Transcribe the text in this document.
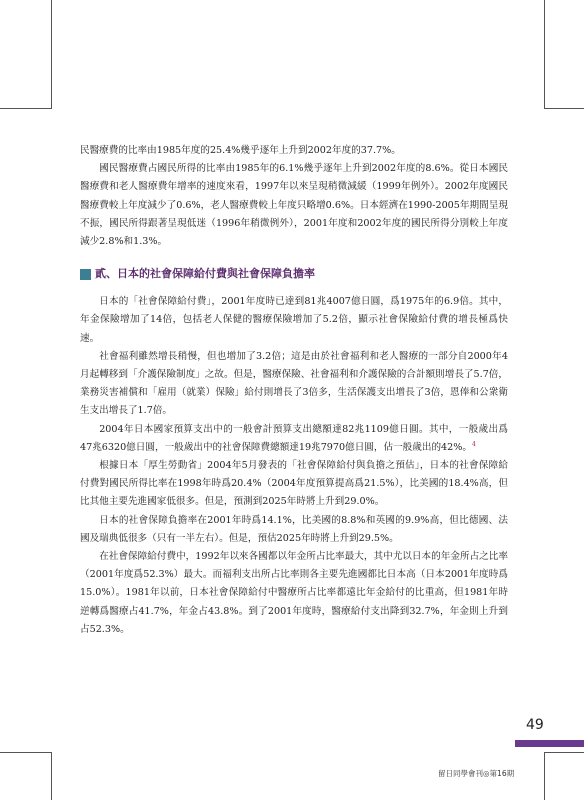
民醫療費的比率由1985年度的25.4%幾乎逐年上升到2002年度的37.7%。

國民醫療費占國民所得的比率由1985年的6.1%幾乎逐年上升到2002年度的8.6%。從日本國民醫療費和老人醫療費年增率的速度來看，1997年以來呈現稍微減緩（1999年例外）。2002年度國民醫療費較上年度減少了0.6%，老人醫療費較上年度只略增0.6%。日本經濟在1990-2005年期間呈現不振，國民所得跟著呈現低迷（1996年稍微例外），2001年度和2002年度的國民所得分別較上年度減少2.8%和1.3%。

貳、日本的社會保障給付費與社會保障負擔率

日本的「社會保障給付費」，2001年度時已達到81兆4007億日圓，爲1975年的6.9倍。其中，年金保險增加了14倍，包括老人保健的醫療保險增加了5.2倍，顯示社會保險給付費的增長極爲快速。

社會福利雖然增長稍慢，但也增加了3.2倍；這是由於社會福利和老人醫療的一部分自2000年4月起轉移到「介護保險制度」之故。但是，醫療保險、社會福利和介護保險的合計額則增長了5.7倍，業務災害補償和「雇用（就業）保險」給付則增長了3倍多，生活保護支出增長了3倍，恩俸和公衆衛生支出增長了1.7倍。

2004年日本國家預算支出中的一般會計預算支出總額達82兆1109億日圓。其中，一般歲出爲47兆6320億日圓，一般歲出中的社會保障費總額達19兆7970億日圓，佔一般歲出的42%。$^4$

根據日本「厚生勞動省」2004年5月發表的「社會保障給付與負擔之預估」，日本的社會保障給付費對國民所得比率在1998年時爲20.4%（2004年度預算提高爲21.5%），比美國的18.4%高，但比其他主要先進國家低很多。但是，預測到2025年時將上升到29.0%。

日本的社會保障負擔率在2001年時爲14.1%，比美國的8.8%和英國的9.9%高，但比德國、法國及瑞典低很多（只有一半左右）。但是，預估2025年時將上升到29.5%。

在社會保障給付費中，1992年以來各國都以年金所占比率最大，其中尤以日本的年金所占之比率（2001年度爲52.3%）最大。而福利支出所占比率則各主要先進國都比日本高（日本2001年度時爲15.0%）。1981年以前，日本社會保障給付中醫療所占比率都遠比年金給付的比重高，但1981年時逆轉爲醫療占41.7%，年金占43.8%。到了2001年度時，醫療給付支出降到32.7%，年金則上升到占52.3%。

49
留日同學會刊◎第16期
